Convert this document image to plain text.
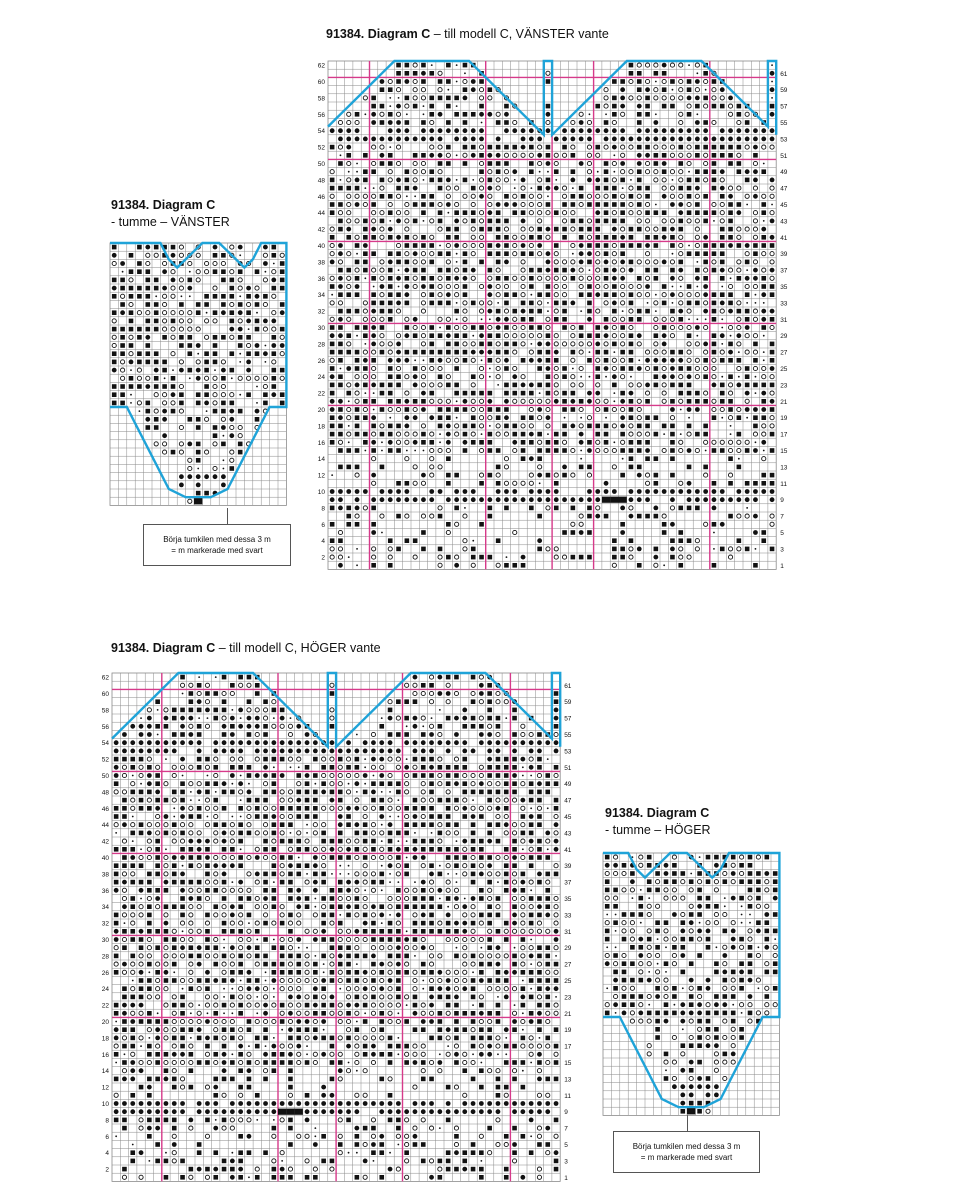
91384. Diagram C – till modell C, VÄNSTER vante
91384. Diagram C
- tumme – VÄNSTER
91384. Diagram C – till modell C, HÖGER vante
91384. Diagram C
- tumme – HÖGER
62
60
58
56
54
52
50
48
46
44
42
40
38
36
34
32
30
28
26
24
22
20
18
16
14
12
10
8
6
4
2
61
59
57
55
53
51
49
47
45
43
41
39
37
35
33
31
29
27
25
23
21
19
17
15
13
11
9
7
5
3
1
62
60
58
56
54
52
50
48
46
44
42
40
38
36
34
32
30
28
26
24
22
20
18
16
14
12
10
8
6
4
2
61
59
57
55
53
51
49
47
45
43
41
39
37
35
33
31
29
27
25
23
21
19
17
15
13
11
9
7
5
3
1
Börja tumkilen med dessa 3 m
= m markerade med svart
Börja tumkilen med dessa 3 m
= m markerade med svart
